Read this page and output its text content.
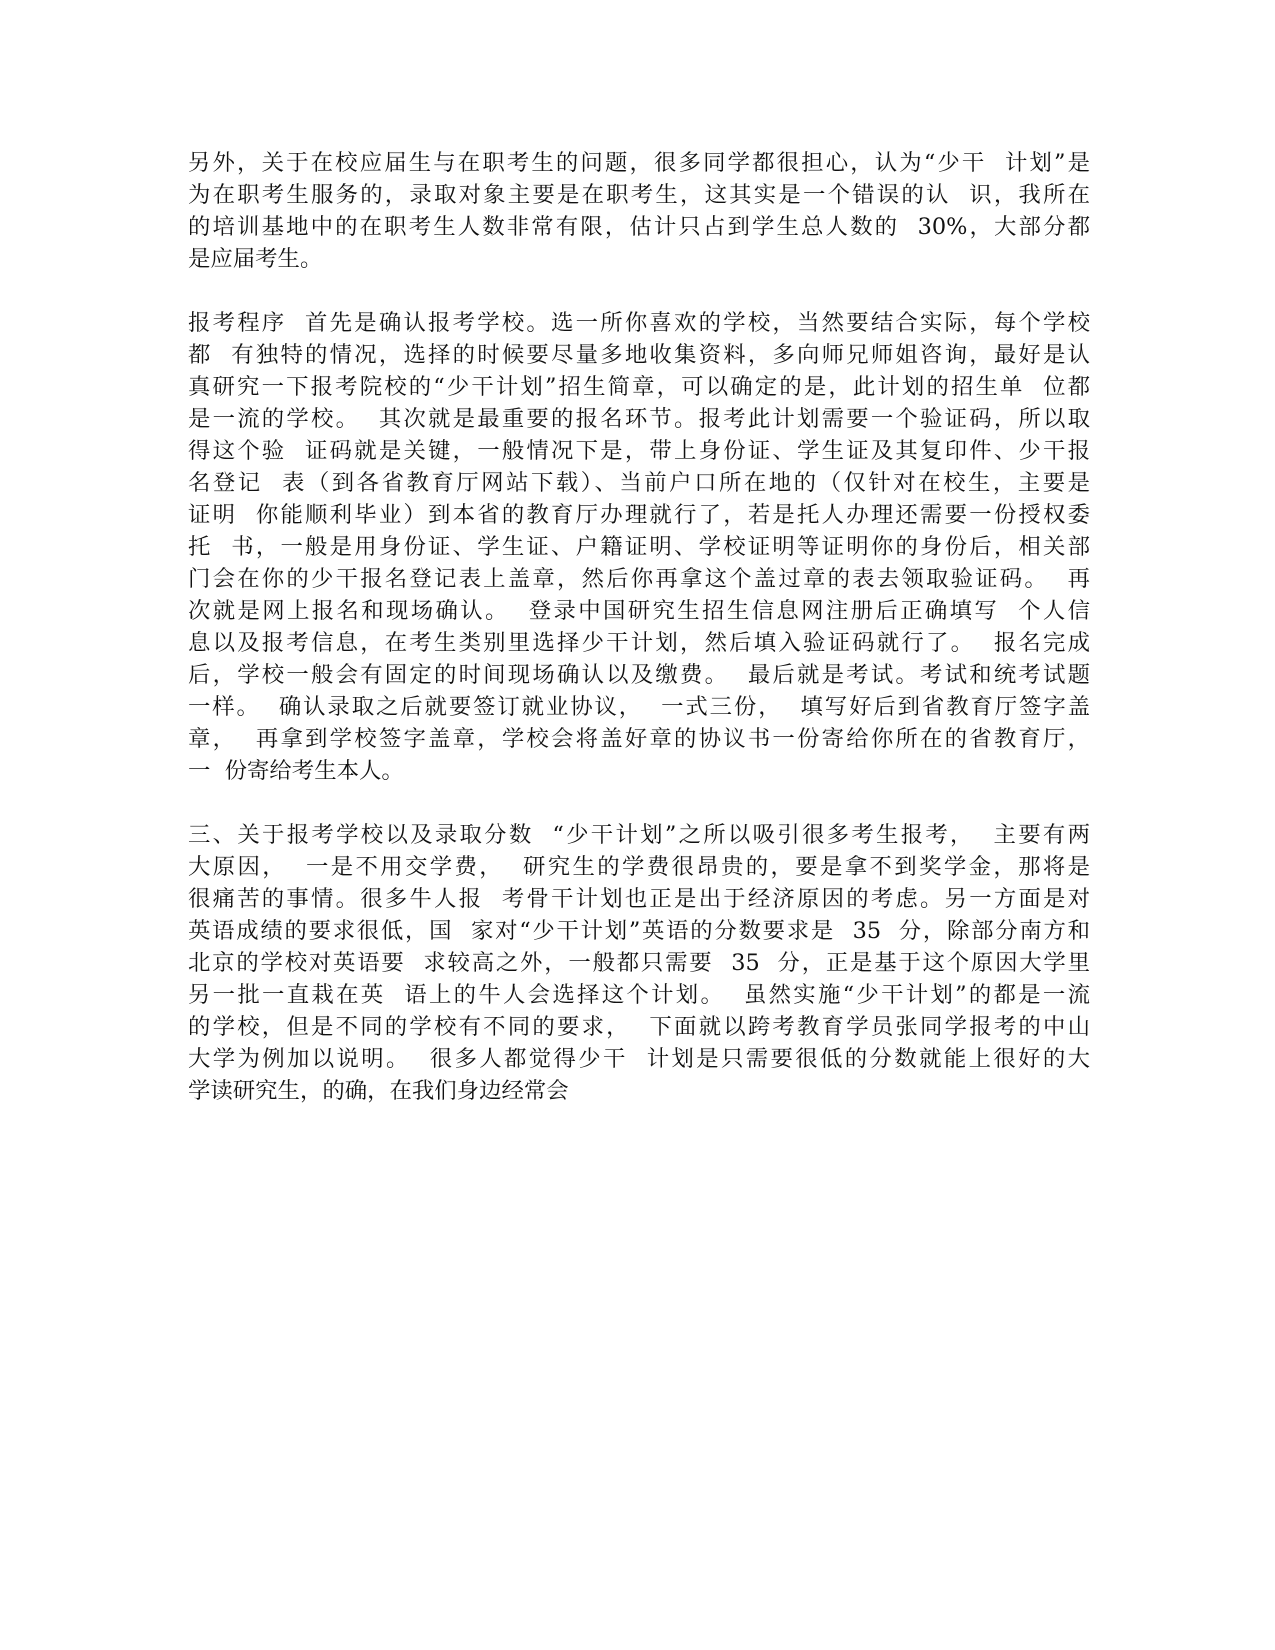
另外，关于在校应届生与在职考生的问题，很多同学都很担心，认为“少干  计划”是
为在职考生服务的，录取对象主要是在职考生，这其实是一个错误的认  识，我所在
的培训基地中的在职考生人数非常有限，估计只占到学生总人数的  30%，大部分都
是应届考生。
报考程序  首先是确认报考学校。选一所你喜欢的学校，当然要结合实际，每个学校
都  有独特的情况，选择的时候要尽量多地收集资料，多向师兄师姐咨询，最好是认
真研究一下报考院校的“少干计划”招生简章，可以确定的是，此计划的招生单  位都
是一流的学校。  其次就是最重要的报名环节。报考此计划需要一个验证码，所以取
得这个验  证码就是关键，一般情况下是，带上身份证、学生证及其复印件、少干报
名登记  表（到各省教育厅网站下载）、当前户口所在地的（仅针对在校生，主要是
证明  你能顺利毕业）到本省的教育厅办理就行了，若是托人办理还需要一份授权委
托  书，一般是用身份证、学生证、户籍证明、学校证明等证明你的身份后，相关部
门会在你的少干报名登记表上盖章，然后你再拿这个盖过章的表去领取验证码。  再
次就是网上报名和现场确认。  登录中国研究生招生信息网注册后正确填写  个人信
息以及报考信息，在考生类别里选择少干计划，然后填入验证码就行了。  报名完成
后，学校一般会有固定的时间现场确认以及缴费。  最后就是考试。考试和统考试题
一样。  确认录取之后就要签订就业协议，  一式三份，  填写好后到省教育厅签字盖
章，  再拿到学校签字盖章，学校会将盖好章的协议书一份寄给你所在的省教育厅，
一  份寄给考生本人。
三、关于报考学校以及录取分数  “少干计划”之所以吸引很多考生报考，  主要有两
大原因，  一是不用交学费，  研究生的学费很昂贵的，要是拿不到奖学金，那将是
很痛苦的事情。很多牛人报  考骨干计划也正是出于经济原因的考虑。另一方面是对
英语成绩的要求很低，国  家对“少干计划”英语的分数要求是  35  分，除部分南方和
北京的学校对英语要  求较高之外，一般都只需要  35  分，正是基于这个原因大学里
另一批一直栽在英  语上的牛人会选择这个计划。  虽然实施“少干计划”的都是一流
的学校，但是不同的学校有不同的要求，  下面就以跨考教育学员张同学报考的中山
大学为例加以说明。  很多人都觉得少干  计划是只需要很低的分数就能上很好的大
学读研究生，的确，在我们身边经常会
